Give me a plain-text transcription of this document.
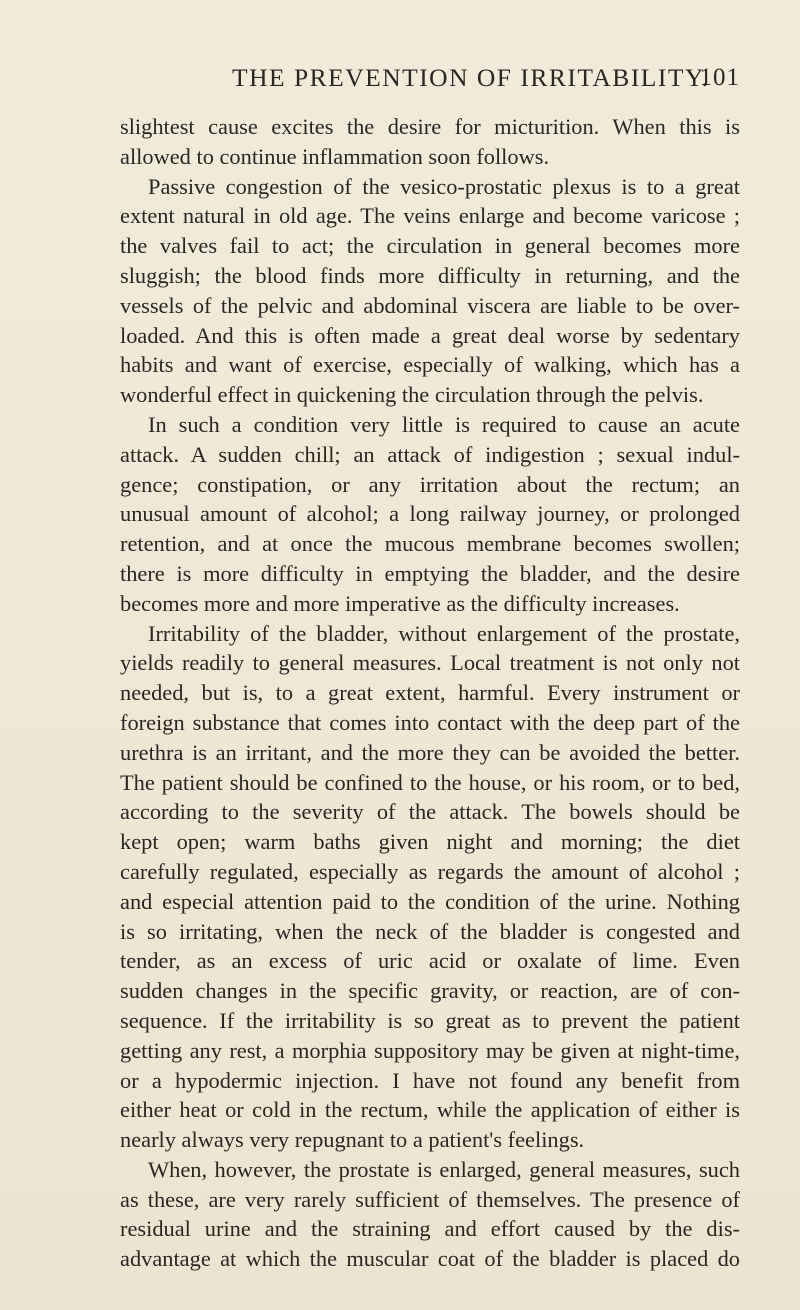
THE PREVENTION OF IRRITABILITY.
101
slightest cause excites the desire for micturition. When this is
allowed to continue inflammation soon follows.
Passive congestion of the vesico-prostatic plexus is to a great
extent natural in old age. The veins enlarge and become varicose ;
the valves fail to act; the circulation in general becomes more
sluggish; the blood finds more difficulty in returning, and the
vessels of the pelvic and abdominal viscera are liable to be over-
loaded. And this is often made a great deal worse by sedentary
habits and want of exercise, especially of walking, which has a
wonderful effect in quickening the circulation through the pelvis.
In such a condition very little is required to cause an acute
attack. A sudden chill; an attack of indigestion ; sexual indul-
gence; constipation, or any irritation about the rectum; an
unusual amount of alcohol; a long railway journey, or prolonged
retention, and at once the mucous membrane becomes swollen;
there is more difficulty in emptying the bladder, and the desire
becomes more and more imperative as the difficulty increases.
Irritability of the bladder, without enlargement of the prostate,
yields readily to general measures. Local treatment is not only not
needed, but is, to a great extent, harmful. Every instrument or
foreign substance that comes into contact with the deep part of the
urethra is an irritant, and the more they can be avoided the better.
The patient should be confined to the house, or his room, or to bed,
according to the severity of the attack. The bowels should be
kept open; warm baths given night and morning; the diet
carefully regulated, especially as regards the amount of alcohol ;
and especial attention paid to the condition of the urine. Nothing
is so irritating, when the neck of the bladder is congested and
tender, as an excess of uric acid or oxalate of lime. Even
sudden changes in the specific gravity, or reaction, are of con-
sequence. If the irritability is so great as to prevent the patient
getting any rest, a morphia suppository may be given at night-time,
or a hypodermic injection. I have not found any benefit from
either heat or cold in the rectum, while the application of either is
nearly always very repugnant to a patient's feelings.
When, however, the prostate is enlarged, general measures, such
as these, are very rarely sufficient of themselves. The presence of
residual urine and the straining and effort caused by the dis-
advantage at which the muscular coat of the bladder is placed do
